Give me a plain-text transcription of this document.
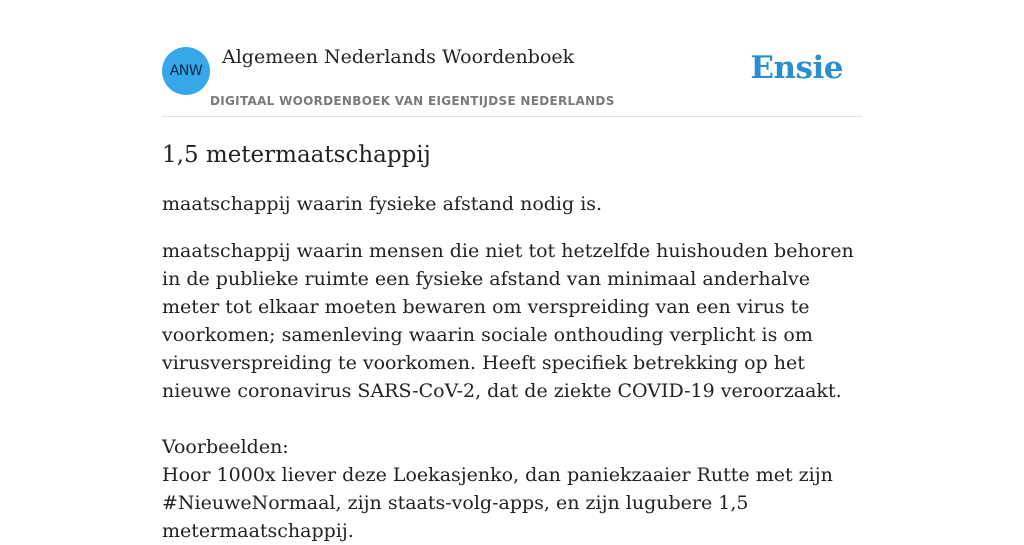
ANW
Algemeen Nederlands Woordenboek
DIGITAAL WOORDENBOEK VAN EIGENTIJDSE NEDERLANDS
Ensie
1,5 metermaatschappij

maatschappij waarin fysieke afstand nodig is.

maatschappij waarin mensen die niet tot hetzelfde huishouden behoren in de publieke ruimte een fysieke afstand van minimaal anderhalve meter tot elkaar moeten bewaren om verspreiding van een virus te voorkomen; samenleving waarin sociale onthouding verplicht is om virusverspreiding te voorkomen. Heeft specifiek betrekking op het nieuwe coronavirus SARS-CoV-2, dat de ziekte COVID-19 veroorzaakt.

Voorbeelden:
Hoor 1000x liever deze Loekasjenko, dan paniekzaaier Rutte met zijn #NieuweNormaal, zijn staats-volg-apps, en zijn lugubere 1,5 metermaatschappij.
